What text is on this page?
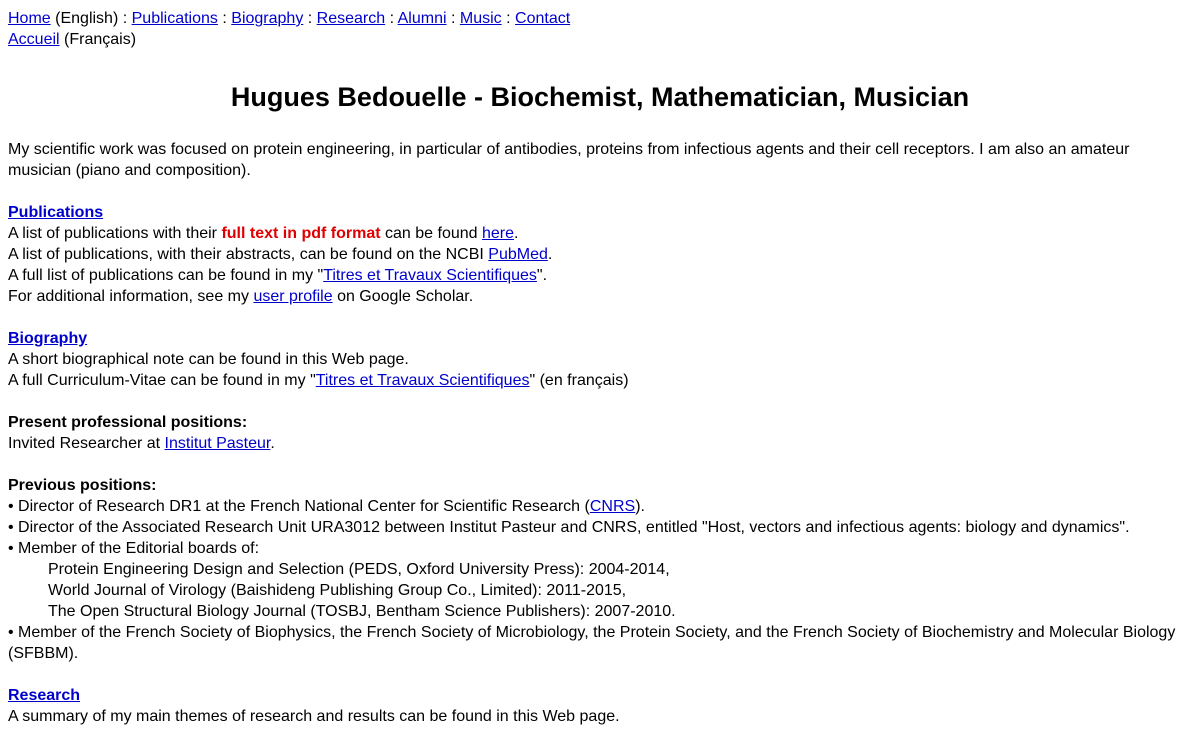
Home (English) : Publications : Biography : Research : Alumni : Music : Contact
Accueil (Français)
Hugues Bedouelle - Biochemist, Mathematician, Musician

My scientific work was focused on protein engineering, in particular of antibodies, proteins from infectious agents and their cell receptors. I am also an amateur musician (piano and composition).

Publications
A list of publications with their full text in pdf format can be found here.
A list of publications, with their abstracts, can be found on the NCBI PubMed.
A full list of publications can be found in my "Titres et Travaux Scientifiques".
For additional information, see my user profile on Google Scholar.
Biography
A short biographical note can be found in this Web page.
A full Curriculum-Vitae can be found in my "Titres et Travaux Scientifiques" (en français)
Present professional positions:
Invited Researcher at Institut Pasteur.
Previous positions:
• Director of Research DR1 at the French National Center for Scientific Research (CNRS).
• Director of the Associated Research Unit URA3012 between Institut Pasteur and CNRS, entitled "Host, vectors and infectious agents: biology and dynamics".
• Member of the Editorial boards of:
Protein Engineering Design and Selection (PEDS, Oxford University Press): 2004-2014,
World Journal of Virology (Baishideng Publishing Group Co., Limited): 2011-2015,
The Open Structural Biology Journal (TOSBJ, Bentham Science Publishers): 2007-2010.
• Member of the French Society of Biophysics, the French Society of Microbiology, the Protein Society, and the French Society of Biochemistry and Molecular Biology (SFBBM).
Research
A summary of my main themes of research and results can be found in this Web page.
